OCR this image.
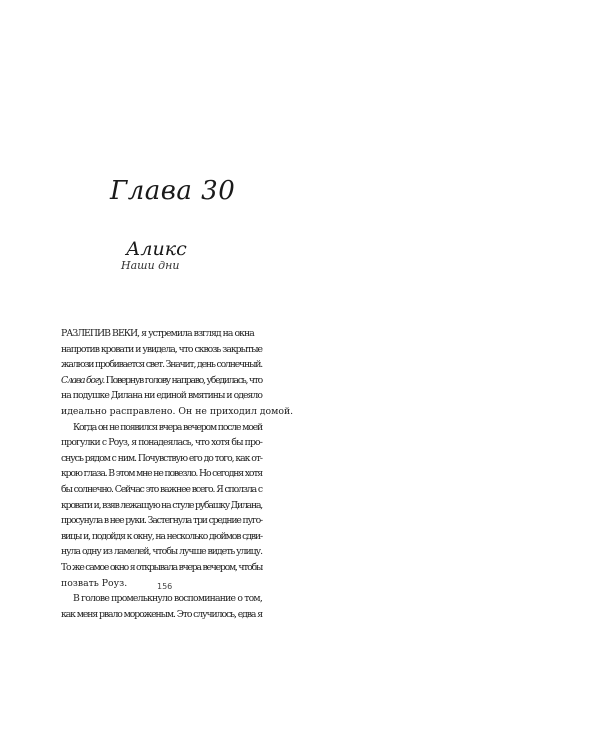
Глава 30
Аликс
Наши дни
РАЗЛЕПИВ ВЕКИ, я устремила взгляд на окна
напротив кровати и увидела, что сквозь закрытые
жалюзи пробивается свет. Значит, день солнечный.
Слава богу. Повернув голову направо, убедилась, что
на подушке Дилана ни единой вмятины и одеяло
идеально расправлено. Он не приходил домой.
Когда он не появился вчера вечером после моей
прогулки с Роуз, я понадеялась, что хотя бы про-
снусь рядом с ним. Почувствую его до того, как от-
крою глаза. В этом мне не повезло. Но сегодня хотя
бы солнечно. Сейчас это важнее всего. Я сползла с
кровати и, взяв лежащую на стуле рубашку Дилана,
просунула в нее руки. Застегнула три средние пуго-
вицы и, подойдя к окну, на несколько дюймов сдви-
нула одну из ламелей, чтобы лучше видеть улицу.
То же самое окно я открывала вчера вечером, чтобы
позвать Роуз.
В голове промелькнуло воспоминание о том,
как меня рвало мороженым. Это случилось, едва я
156
